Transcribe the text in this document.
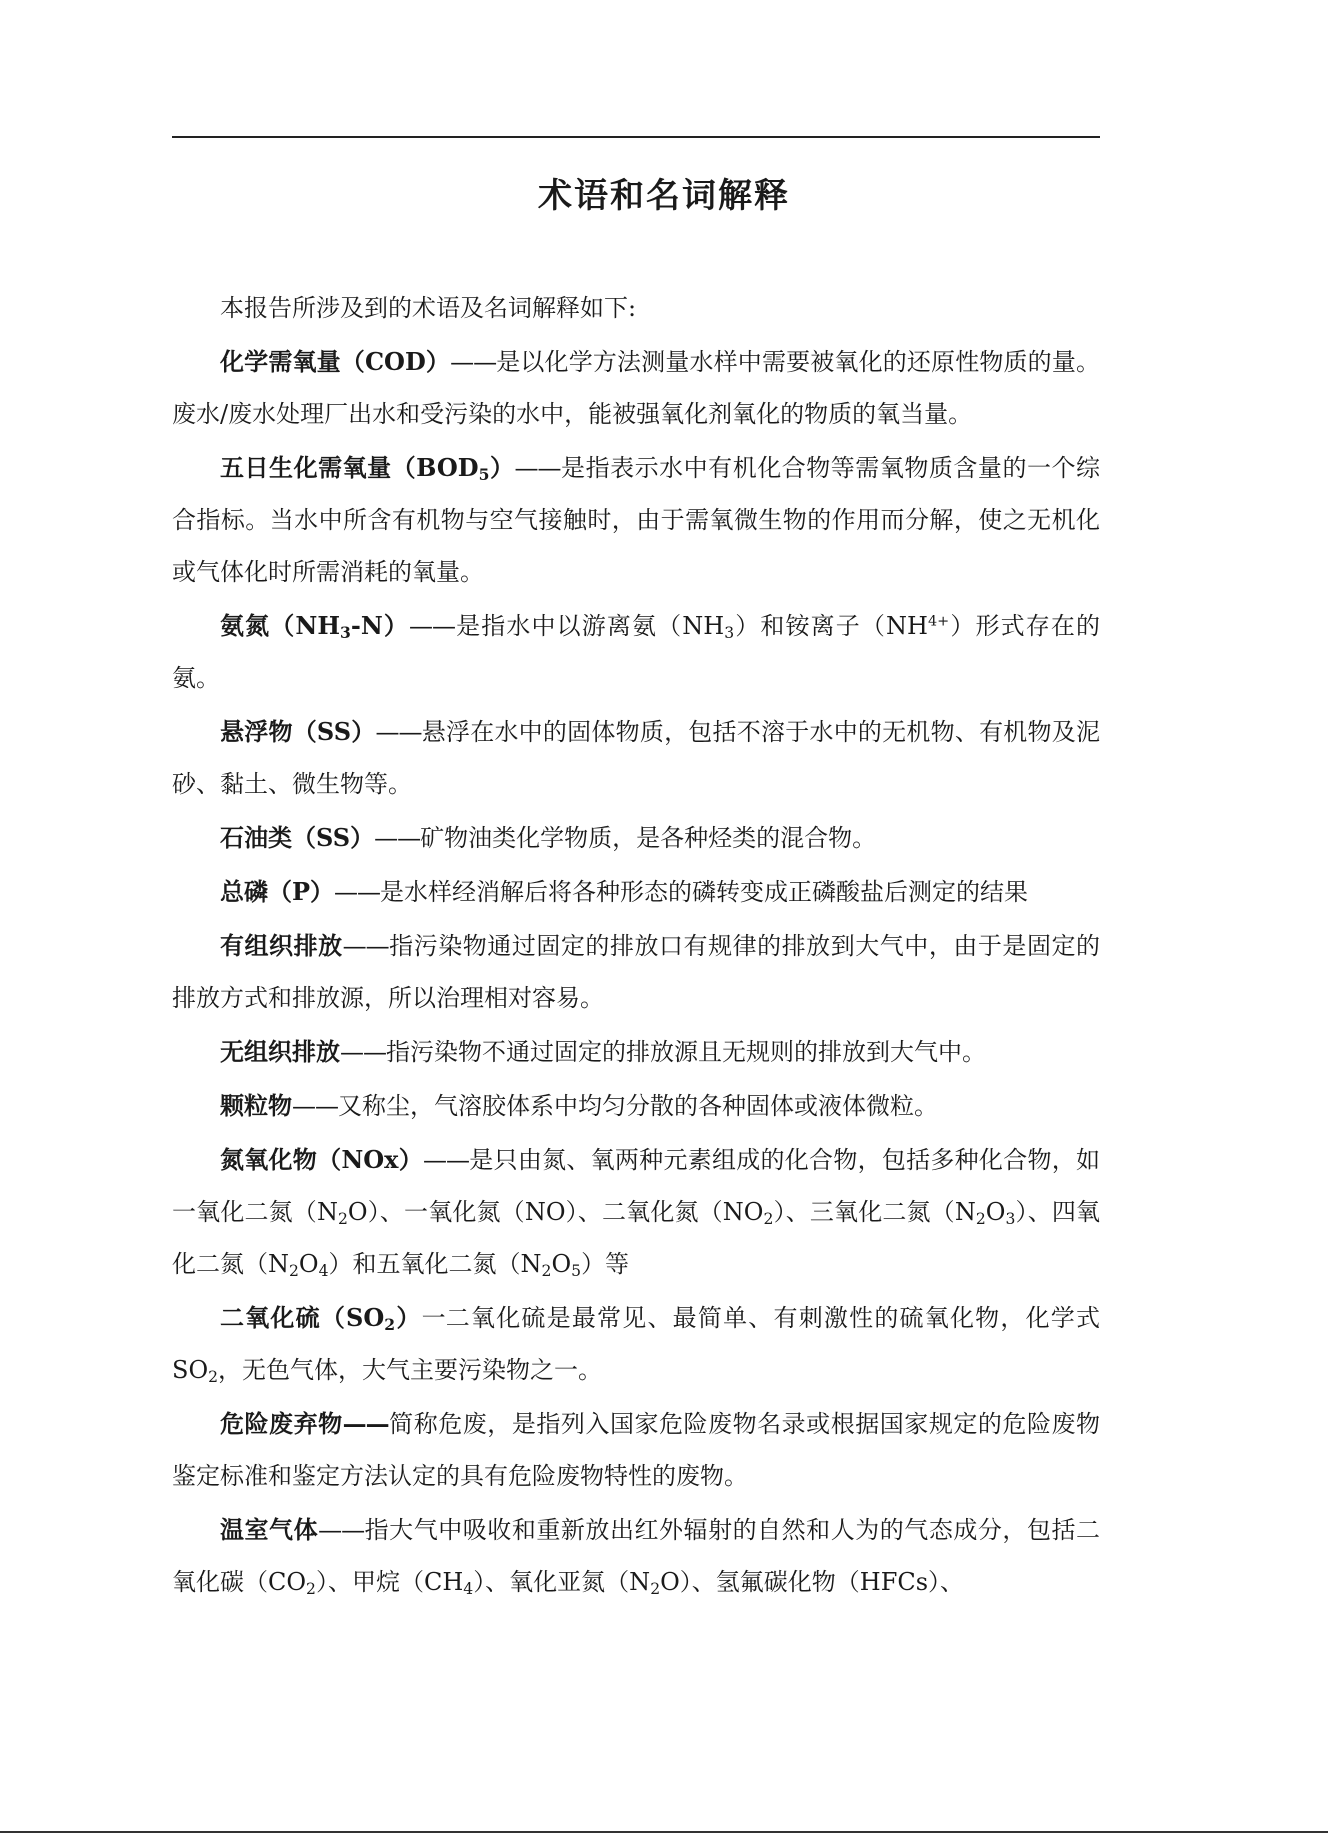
术语和名词解释

本报告所涉及到的术语及名词解释如下:

化学需氧量（COD）——是以化学方法测量水样中需要被氧化的还原性物质的量。废水/废水处理厂出水和受污染的水中，能被强氧化剂氧化的物质的氧当量。

五日生化需氧量$(BOD_5)——$是指表示水中有机化合物等需氧物质含量的一个综合指标。当水中所含有机物与空气接触时，由于需氧微生物的作用而分解，使之无机化或气体化时所需消耗的氧量。

氨氮$(NH_3-N)——$是指水中以游离氨$(NH_3)$和铵离子$(NH^{4+})$形式存在的氨。

悬浮物（SS）——悬浮在水中的固体物质，包括不溶于水中的无机物、有机物及泥砂、黏土、微生物等。

石油类（SS）——矿物油类化学物质，是各种烃类的混合物。

总磷（P）——是水样经消解后将各种形态的磷转变成正磷酸盐后测定的结果

有组织排放——指污染物通过固定的排放口有规律的排放到大气中，由于是固定的排放方式和排放源，所以治理相对容易。

无组织排放——指污染物不通过固定的排放源且无规则的排放到大气中。

颗粒物——又称尘，气溶胶体系中均匀分散的各种固体或液体微粒。

氮氧化物（NOx）——是只由氮、氧两种元素组成的化合物，包括多种化合物，如一氧化二氮$(N_2O)$、一氧化氮（NO）、二氧化氮$(NO_2)$、三氧化二氮$(N_2O_3)$、四氧化二氮$(N_2O_4)$和五氧化二氮$(N_2O_5)$等

二氧化硫$(SO_2)$一二氧化硫是最常见、最简单、有刺激性的硫氧化物，化学式 $SO_2$，无色气体，大气主要污染物之一。

危险废弃物——简称危废，是指列入国家危险废物名录或根据国家规定的危险废物鉴定标准和鉴定方法认定的具有危险废物特性的废物。

温室气体——指大气中吸收和重新放出红外辐射的自然和人为的气态成分，包括二氧化碳$(CO_2)$、甲烷$(CH_4)$、氧化亚氮$(N_2O)$、氢氟碳化物（HFCs）、
